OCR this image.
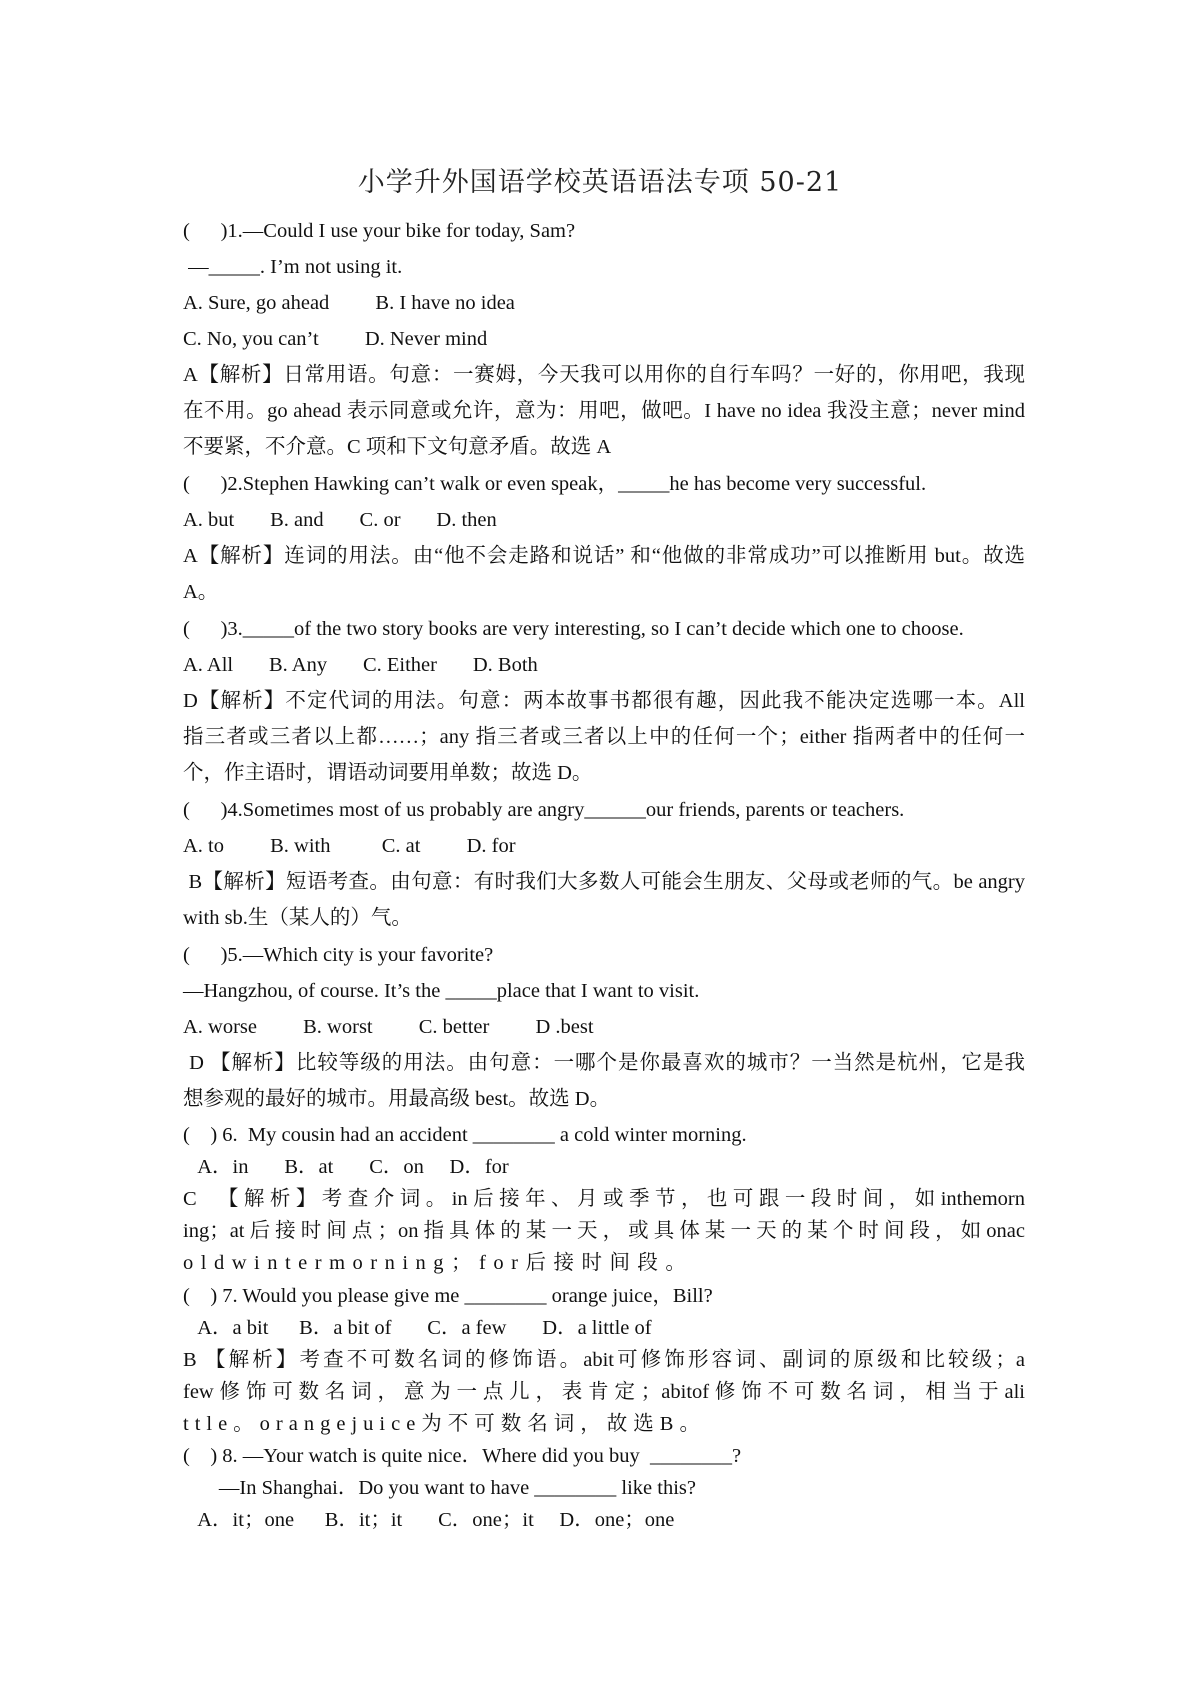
小学升外国语学校英语语法专项 50-21
(      )1.—Could I use your bike for today, Sam?
—_____. I’m not using it.
A. Sure, go ahead         B. I have no idea
C. No, you can’t         D. Never mind
A【解析】日常用语。句意：一赛姆，今天我可以用你的自行车吗？一好的，你用吧，我现
在不用。go ahead 表示同意或允许，意为：用吧，做吧。I have no idea 我没主意；never mind
不要紧，不介意。C 项和下文句意矛盾。故选 A
(      )2.Stephen Hawking can’t walk or even speak，_____he has become very successful.
A. but       B. and       C. or       D. then
A【解析】连词的用法。由“他不会走路和说话” 和“他做的非常成功”可以推断用 but。故选
A。
(      )3._____of the two story books are very interesting, so I can’t decide which one to choose.
A. All       B. Any       C. Either       D. Both
D【解析】不定代词的用法。句意：两本故事书都很有趣，因此我不能决定选哪一本。All
指三者或三者以上都……；any 指三者或三者以上中的任何一个；either 指两者中的任何一
个，作主语时，谓语动词要用单数；故选 D。
(      )4.Sometimes most of us probably are angry______our friends, parents or teachers.
A. to         B. with          C. at         D. for
B【解析】短语考查。由句意：有时我们大多数人可能会生朋友、父母或老师的气。be angry
with sb.生（某人的）气。
(      )5.—Which city is your favorite?
—Hangzhou, of course. It’s the _____place that I want to visit.
A. worse         B. worst         C. better         D .best
D 【解析】比较等级的用法。由句意：一哪个是你最喜欢的城市？一当然是杭州，它是我
想参观的最好的城市。用最高级 best。故选 D。
(    ) 6.  My cousin had an accident ________ a cold winter morning.
A．in       B．at       C．on     D．for
C  【解析】考查介词。in后接年、月或季节，也可跟一段时间，如inthemorn
ing；at后接时间点；on指具体的某一天，或具体某一天的某个时间段，如onac
oldwintermorning；for后接时间段。
(    ) 7. Would you please give me ________ orange juice，Bill?
A．a bit      B．a bit of       C．a few       D．a little of
B 【解析】考查不可数名词的修饰语。abit可修饰形容词、副词的原级和比较级；a
few修饰可数名词，意为一点儿，表肯定；abitof修饰不可数名词，相当于ali
ttle。orangejuice为不可数名词，故选B。
(    ) 8. —Your watch is quite nice．Where did you buy  ________?
—In Shanghai．Do you want to have ________ like this?
A．it；one      B．it；it       C．one；it     D．one；one
